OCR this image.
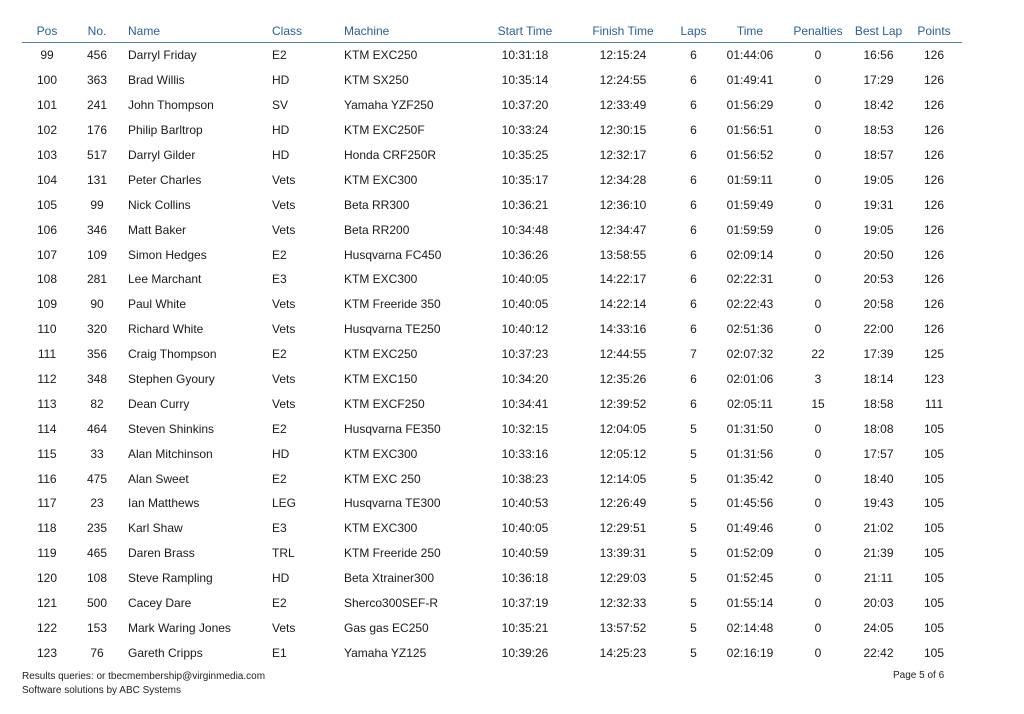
Pos	No.	Name	Class	Machine	Start Time	Finish Time	Laps	Time	Penalties	Best Lap	Points
99	456	Darryl Friday	E2	KTM EXC250	10:31:18	12:15:24	6	01:44:06	0	16:56	126
100	363	Brad Willis	HD	KTM SX250	10:35:14	12:24:55	6	01:49:41	0	17:29	126
101	241	John Thompson	SV	Yamaha YZF250	10:37:20	12:33:49	6	01:56:29	0	18:42	126
102	176	Philip Barltrop	HD	KTM EXC250F	10:33:24	12:30:15	6	01:56:51	0	18:53	126
103	517	Darryl Gilder	HD	Honda CRF250R	10:35:25	12:32:17	6	01:56:52	0	18:57	126
104	131	Peter Charles	Vets	KTM EXC300	10:35:17	12:34:28	6	01:59:11	0	19:05	126
105	99	Nick Collins	Vets	Beta RR300	10:36:21	12:36:10	6	01:59:49	0	19:31	126
106	346	Matt Baker	Vets	Beta RR200	10:34:48	12:34:47	6	01:59:59	0	19:05	126
107	109	Simon Hedges	E2	Husqvarna FC450	10:36:26	13:58:55	6	02:09:14	0	20:50	126
108	281	Lee Marchant	E3	KTM EXC300	10:40:05	14:22:17	6	02:22:31	0	20:53	126
109	90	Paul White	Vets	KTM Freeride 350	10:40:05	14:22:14	6	02:22:43	0	20:58	126
110	320	Richard White	Vets	Husqvarna TE250	10:40:12	14:33:16	6	02:51:36	0	22:00	126
111	356	Craig Thompson	E2	KTM EXC250	10:37:23	12:44:55	7	02:07:32	22	17:39	125
112	348	Stephen Gyoury	Vets	KTM EXC150	10:34:20	12:35:26	6	02:01:06	3	18:14	123
113	82	Dean Curry	Vets	KTM EXCF250	10:34:41	12:39:52	6	02:05:11	15	18:58	111
114	464	Steven Shinkins	E2	Husqvarna FE350	10:32:15	12:04:05	5	01:31:50	0	18:08	105
115	33	Alan Mitchinson	HD	KTM EXC300	10:33:16	12:05:12	5	01:31:56	0	17:57	105
116	475	Alan Sweet	E2	KTM EXC 250	10:38:23	12:14:05	5	01:35:42	0	18:40	105
117	23	Ian Matthews	LEG	Husqvarna TE300	10:40:53	12:26:49	5	01:45:56	0	19:43	105
118	235	Karl Shaw	E3	KTM EXC300	10:40:05	12:29:51	5	01:49:46	0	21:02	105
119	465	Daren Brass	TRL	KTM Freeride 250	10:40:59	13:39:31	5	01:52:09	0	21:39	105
120	108	Steve Rampling	HD	Beta Xtrainer300	10:36:18	12:29:03	5	01:52:45	0	21:11	105
121	500	Cacey Dare	E2	Sherco300SEF-R	10:37:19	12:32:33	5	01:55:14	0	20:03	105
122	153	Mark Waring Jones	Vets	Gas gas EC250	10:35:21	13:57:52	5	02:14:48	0	24:05	105
123	76	Gareth Cripps	E1	Yamaha YZ125	10:39:26	14:25:23	5	02:16:19	0	22:42	105
Results queries: or tbecmembership@virginmedia.com
Software solutions by ABC Systems
Page 5 of 6
